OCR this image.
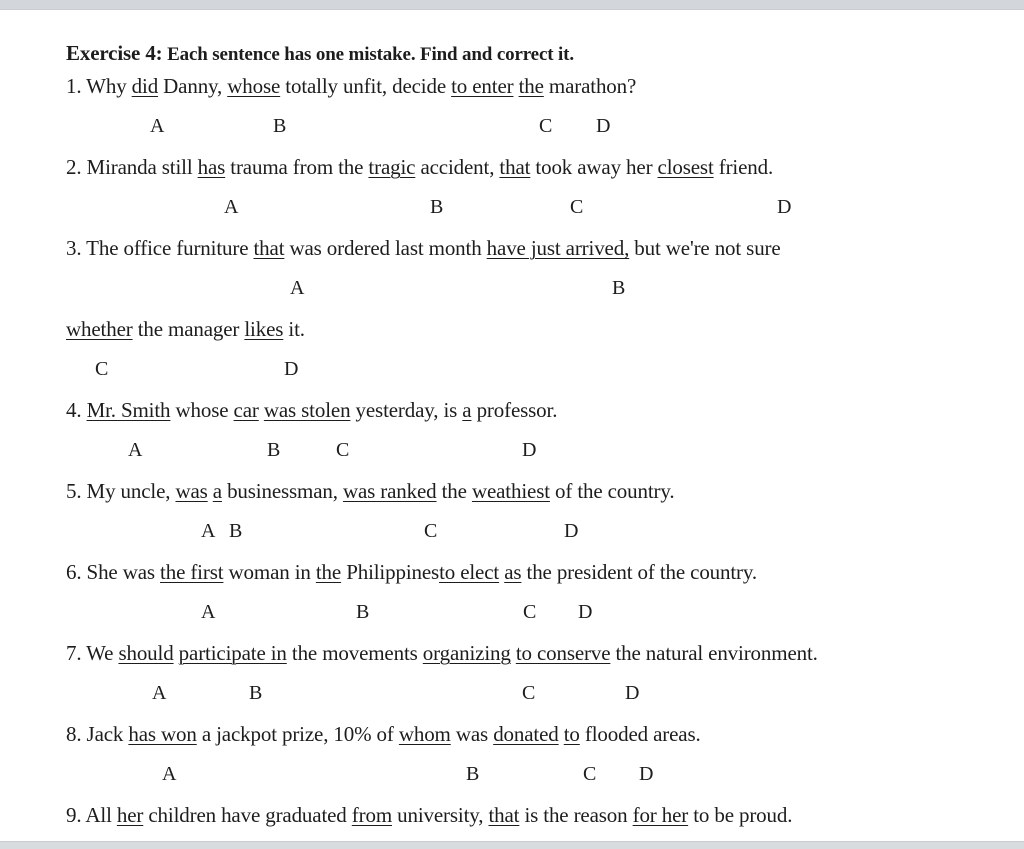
Exercise 4: Each sentence has one mistake. Find and correct it.
1. Why did Danny, whose totally unfit, decide to enter the marathon?
A	B	C D
2. Miranda still has trauma from the tragic accident, that took away her closest friend.
A	B	C	D
3. The office furniture that was ordered last month have just arrived, but we're not sure
A	B
whether the manager likes it.
C	D
4. Mr. Smith whose car was stolen yesterday, is a professor.
A	B	C	D
5. My uncle, was a businessman, was ranked the weathiest of the country.
A B	C	D
6. She was the first woman in the Philippinesto elect as the president of the country.
A	B	C D
7. We should participate in the movements organizing to conserve the natural environment.
A	B	C	D
8. Jack has won a jackpot prize, 10% of whom was donated to flooded areas.
A	B	C D
9. All her children have graduated from university, that is the reason for her to be proud.
